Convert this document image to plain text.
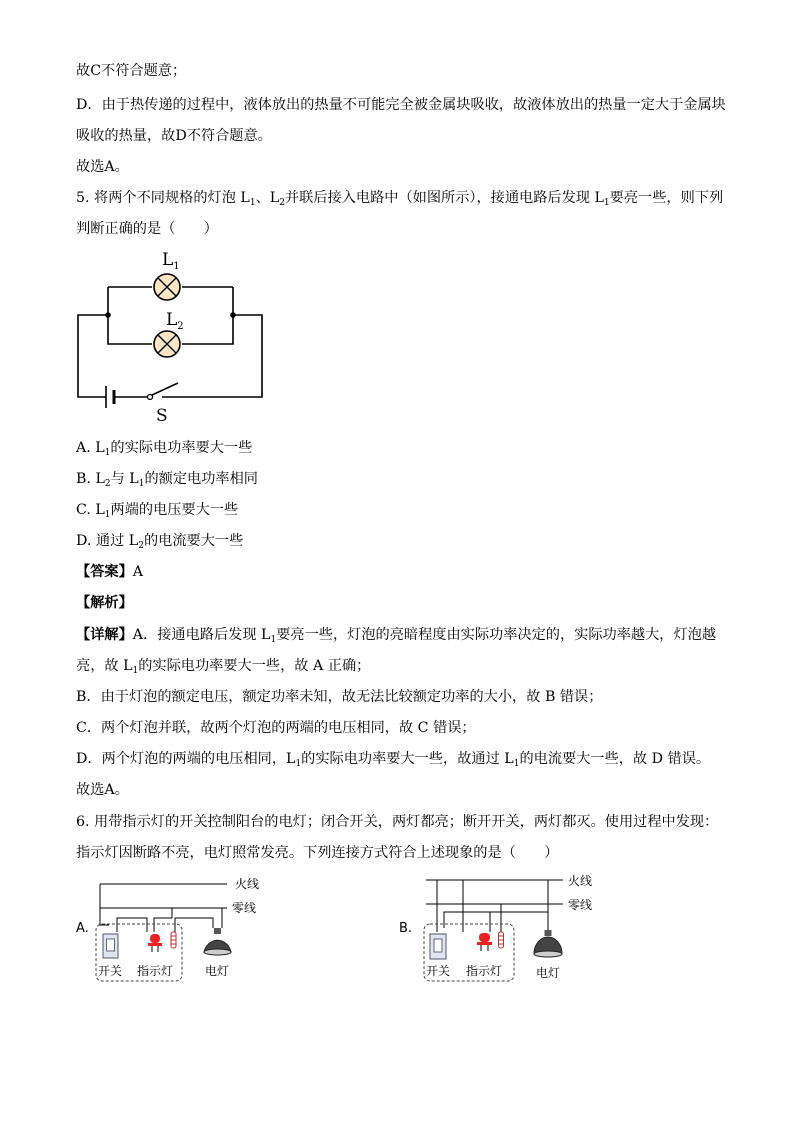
故C不符合题意；
D．由于热传递的过程中，液体放出的热量不可能完全被金属块吸收，故液体放出的热量一定大于金属块
吸收的热量，故D不符合题意。
故选A。
5. 将两个不同规格的灯泡 $L_1$、$L_2$并联后接入电路中（如图所示），接通电路后发现 $L_1$要亮一些，则下列
判断正确的是（　　）
$L_1$
$L_2$
S
A. $L_1$的实际电功率要大一些
B. $L_2$与 $L_1$的额定电功率相同
C. $L_1$两端的电压要大一些
D. 通过 $L_2$的电流要大一些
【答案】A
【解析】
【详解】A．接通电路后发现 $L_1$要亮一些，灯泡的亮暗程度由实际功率决定的，实际功率越大，灯泡越
亮，故 $L_1$的实际电功率要大一些，故 A 正确；
B．由于灯泡的额定电压，额定功率未知，故无法比较额定功率的大小，故 B 错误；
C．两个灯泡并联，故两个灯泡的两端的电压相同，故 C 错误；
D．两个灯泡的两端的电压相同，$L_1$的实际电功率要大一些，故通过 $L_1$的电流要大一些，故 D 错误。
故选A。
6. 用带指示灯的开关控制阳台的电灯；闭合开关，两灯都亮；断开开关，两灯都灭。使用过程中发现：
指示灯因断路不亮，电灯照常发亮。下列连接方式符合上述现象的是（　　）
A.
火线
零线
开关 指示灯	电灯
B.
火线
零线
开关 指示灯	电灯
